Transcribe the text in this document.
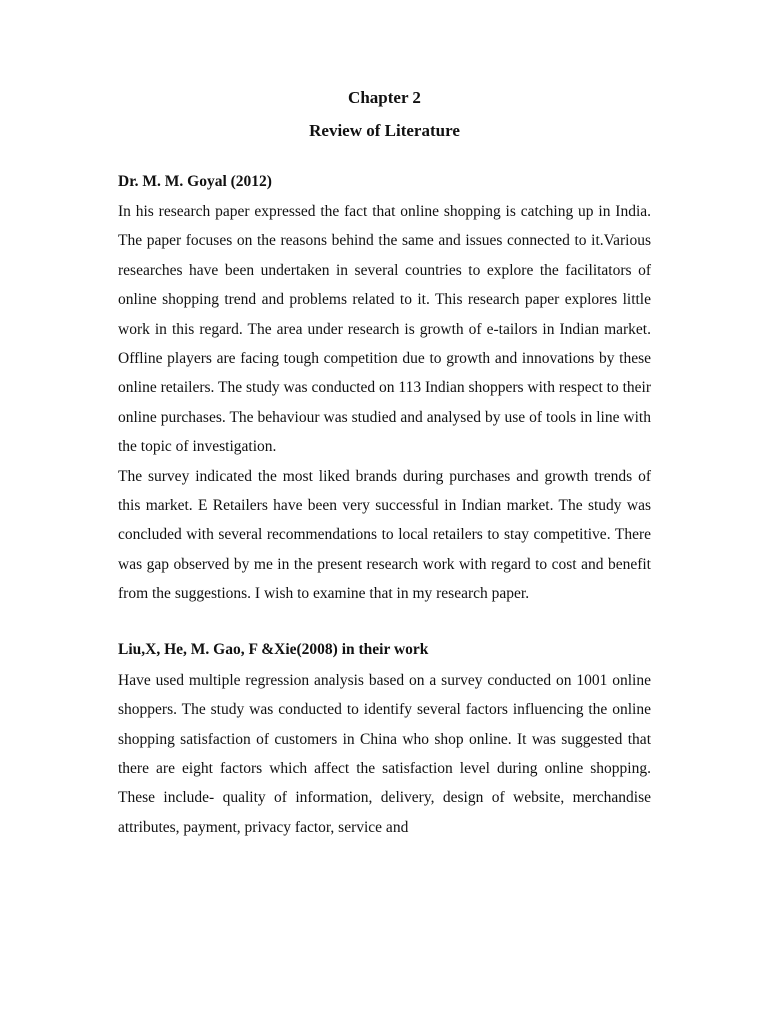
Chapter 2
Review of Literature
Dr. M. M. Goyal (2012)

In his research paper expressed the fact that online shopping is catching up in India. The paper focuses on the reasons behind the same and issues connected to it.Various researches have been undertaken in several countries to explore the facilitators of online shopping trend and problems related to it. This research paper explores little work in this regard. The area under research is growth of e-tailors in Indian market. Offline players are facing tough competition due to growth and innovations by these online retailers. The study was conducted on 113 Indian shoppers with respect to their online purchases. The behaviour was studied and analysed by use of tools in line with the topic of investigation.

The survey indicated the most liked brands during purchases and growth trends of this market. E Retailers have been very successful in Indian market. The study was concluded with several recommendations to local retailers to stay competitive. There was gap observed by me in the present research work with regard to cost and benefit from the suggestions. I wish to examine that in my research paper.

Liu,X, He, M. Gao, F &Xie(2008) in their work

Have used multiple regression analysis based on a survey conducted on 1001 online shoppers. The study was conducted to identify several factors influencing the online shopping satisfaction of customers in China who shop online. It was suggested that there are eight factors which affect the satisfaction level during online shopping. These include- quality of information, delivery, design of website, merchandise attributes, payment, privacy factor, service and
